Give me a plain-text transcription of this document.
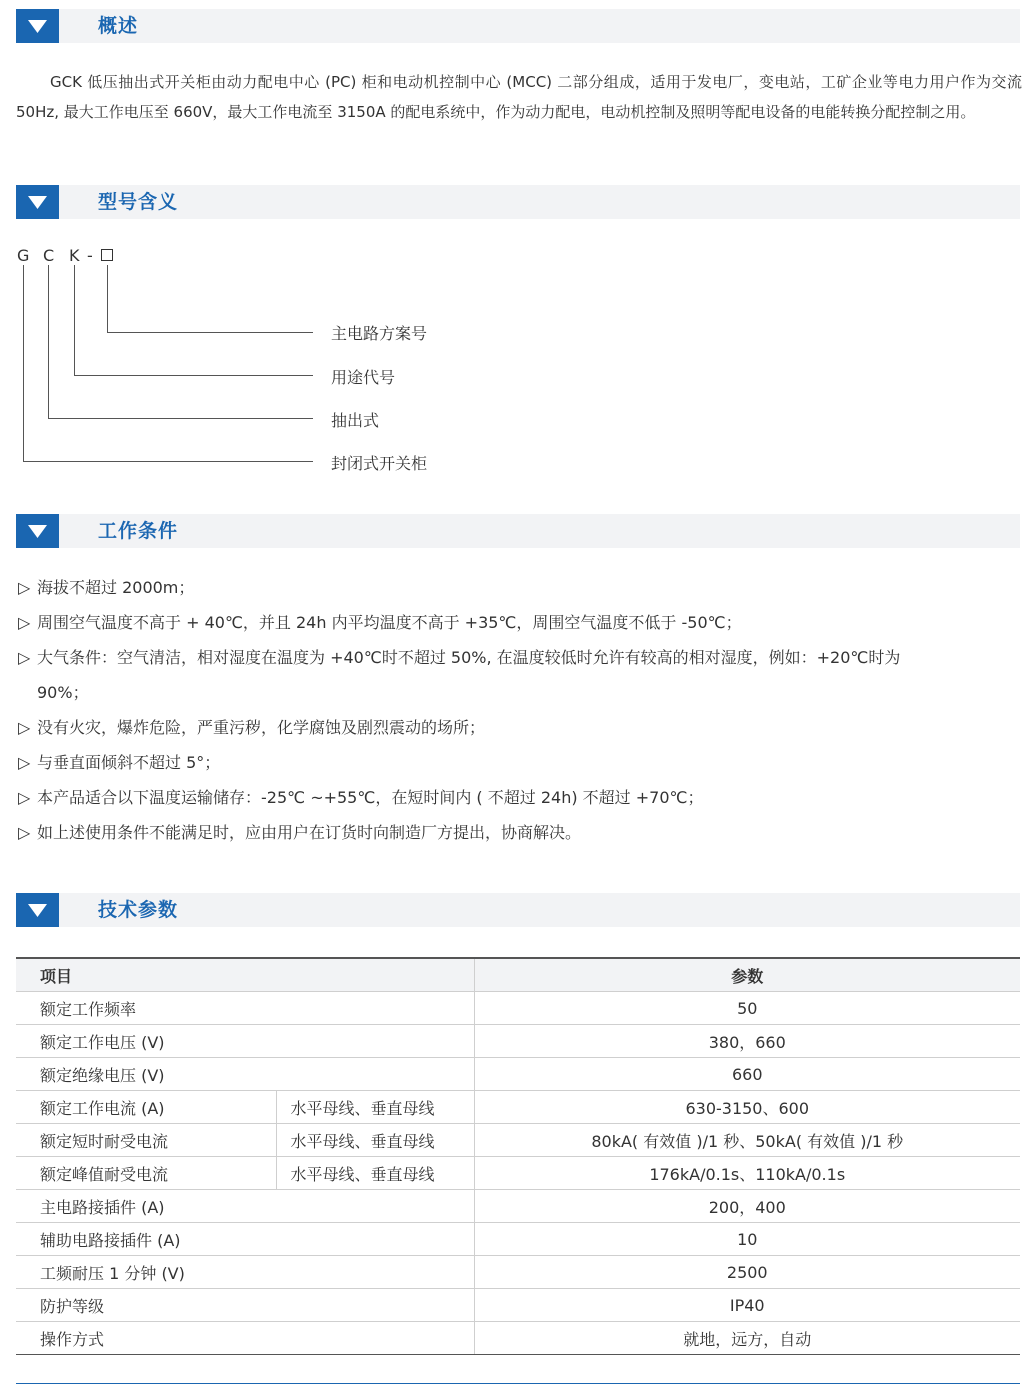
概述

GCK 低压抽出式开关柜由动力配电中心 (PC) 柜和电动机控制中心 (MCC) 二部分组成，适用于发电厂，变电站，工矿企业等电力用户作为交流 50Hz, 最大工作电压至 660V，最大工作电流至 3150A 的配电系统中，作为动力配电，电动机控制及照明等配电设备的电能转换分配控制之用。

型号含义
G C K -
主电路方案号
用途代号
抽出式
封闭式开关柜
工作条件
▷ 海拔不超过 2000m；
▷ 周围空气温度不高于 + 40℃，并且 24h 内平均温度不高于 +35℃，周围空气温度不低于 -50℃；
▷ 大气条件：空气清洁，相对湿度在温度为 +40℃时不超过 50%, 在温度较低时允许有较高的相对湿度，例如：+20℃时为
90%；
▷ 没有火灾，爆炸危险，严重污秽，化学腐蚀及剧烈震动的场所；
▷ 与垂直面倾斜不超过 5°；
▷ 本产品适合以下温度运输储存：-25℃ ~+55℃，在短时间内 ( 不超过 24h) 不超过 +70℃；
▷ 如上述使用条件不能满足时，应由用户在订货时向制造厂方提出，协商解决。
技术参数
项目		参数
额定工作频率		50
额定工作电压 (V)		380，660
额定绝缘电压 (V)		660
额定工作电流 (A)	水平母线、垂直母线	630-3150、600
额定短时耐受电流	水平母线、垂直母线	80kA( 有效值 )/1 秒、50kA( 有效值 )/1 秒
额定峰值耐受电流	水平母线、垂直母线	176kA/0.1s、110kA/0.1s
主电路接插件 (A)		200，400
辅助电路接插件 (A)		10
工频耐压 1 分钟 (V)		2500
防护等级		IP40
操作方式		就地，远方，自动
